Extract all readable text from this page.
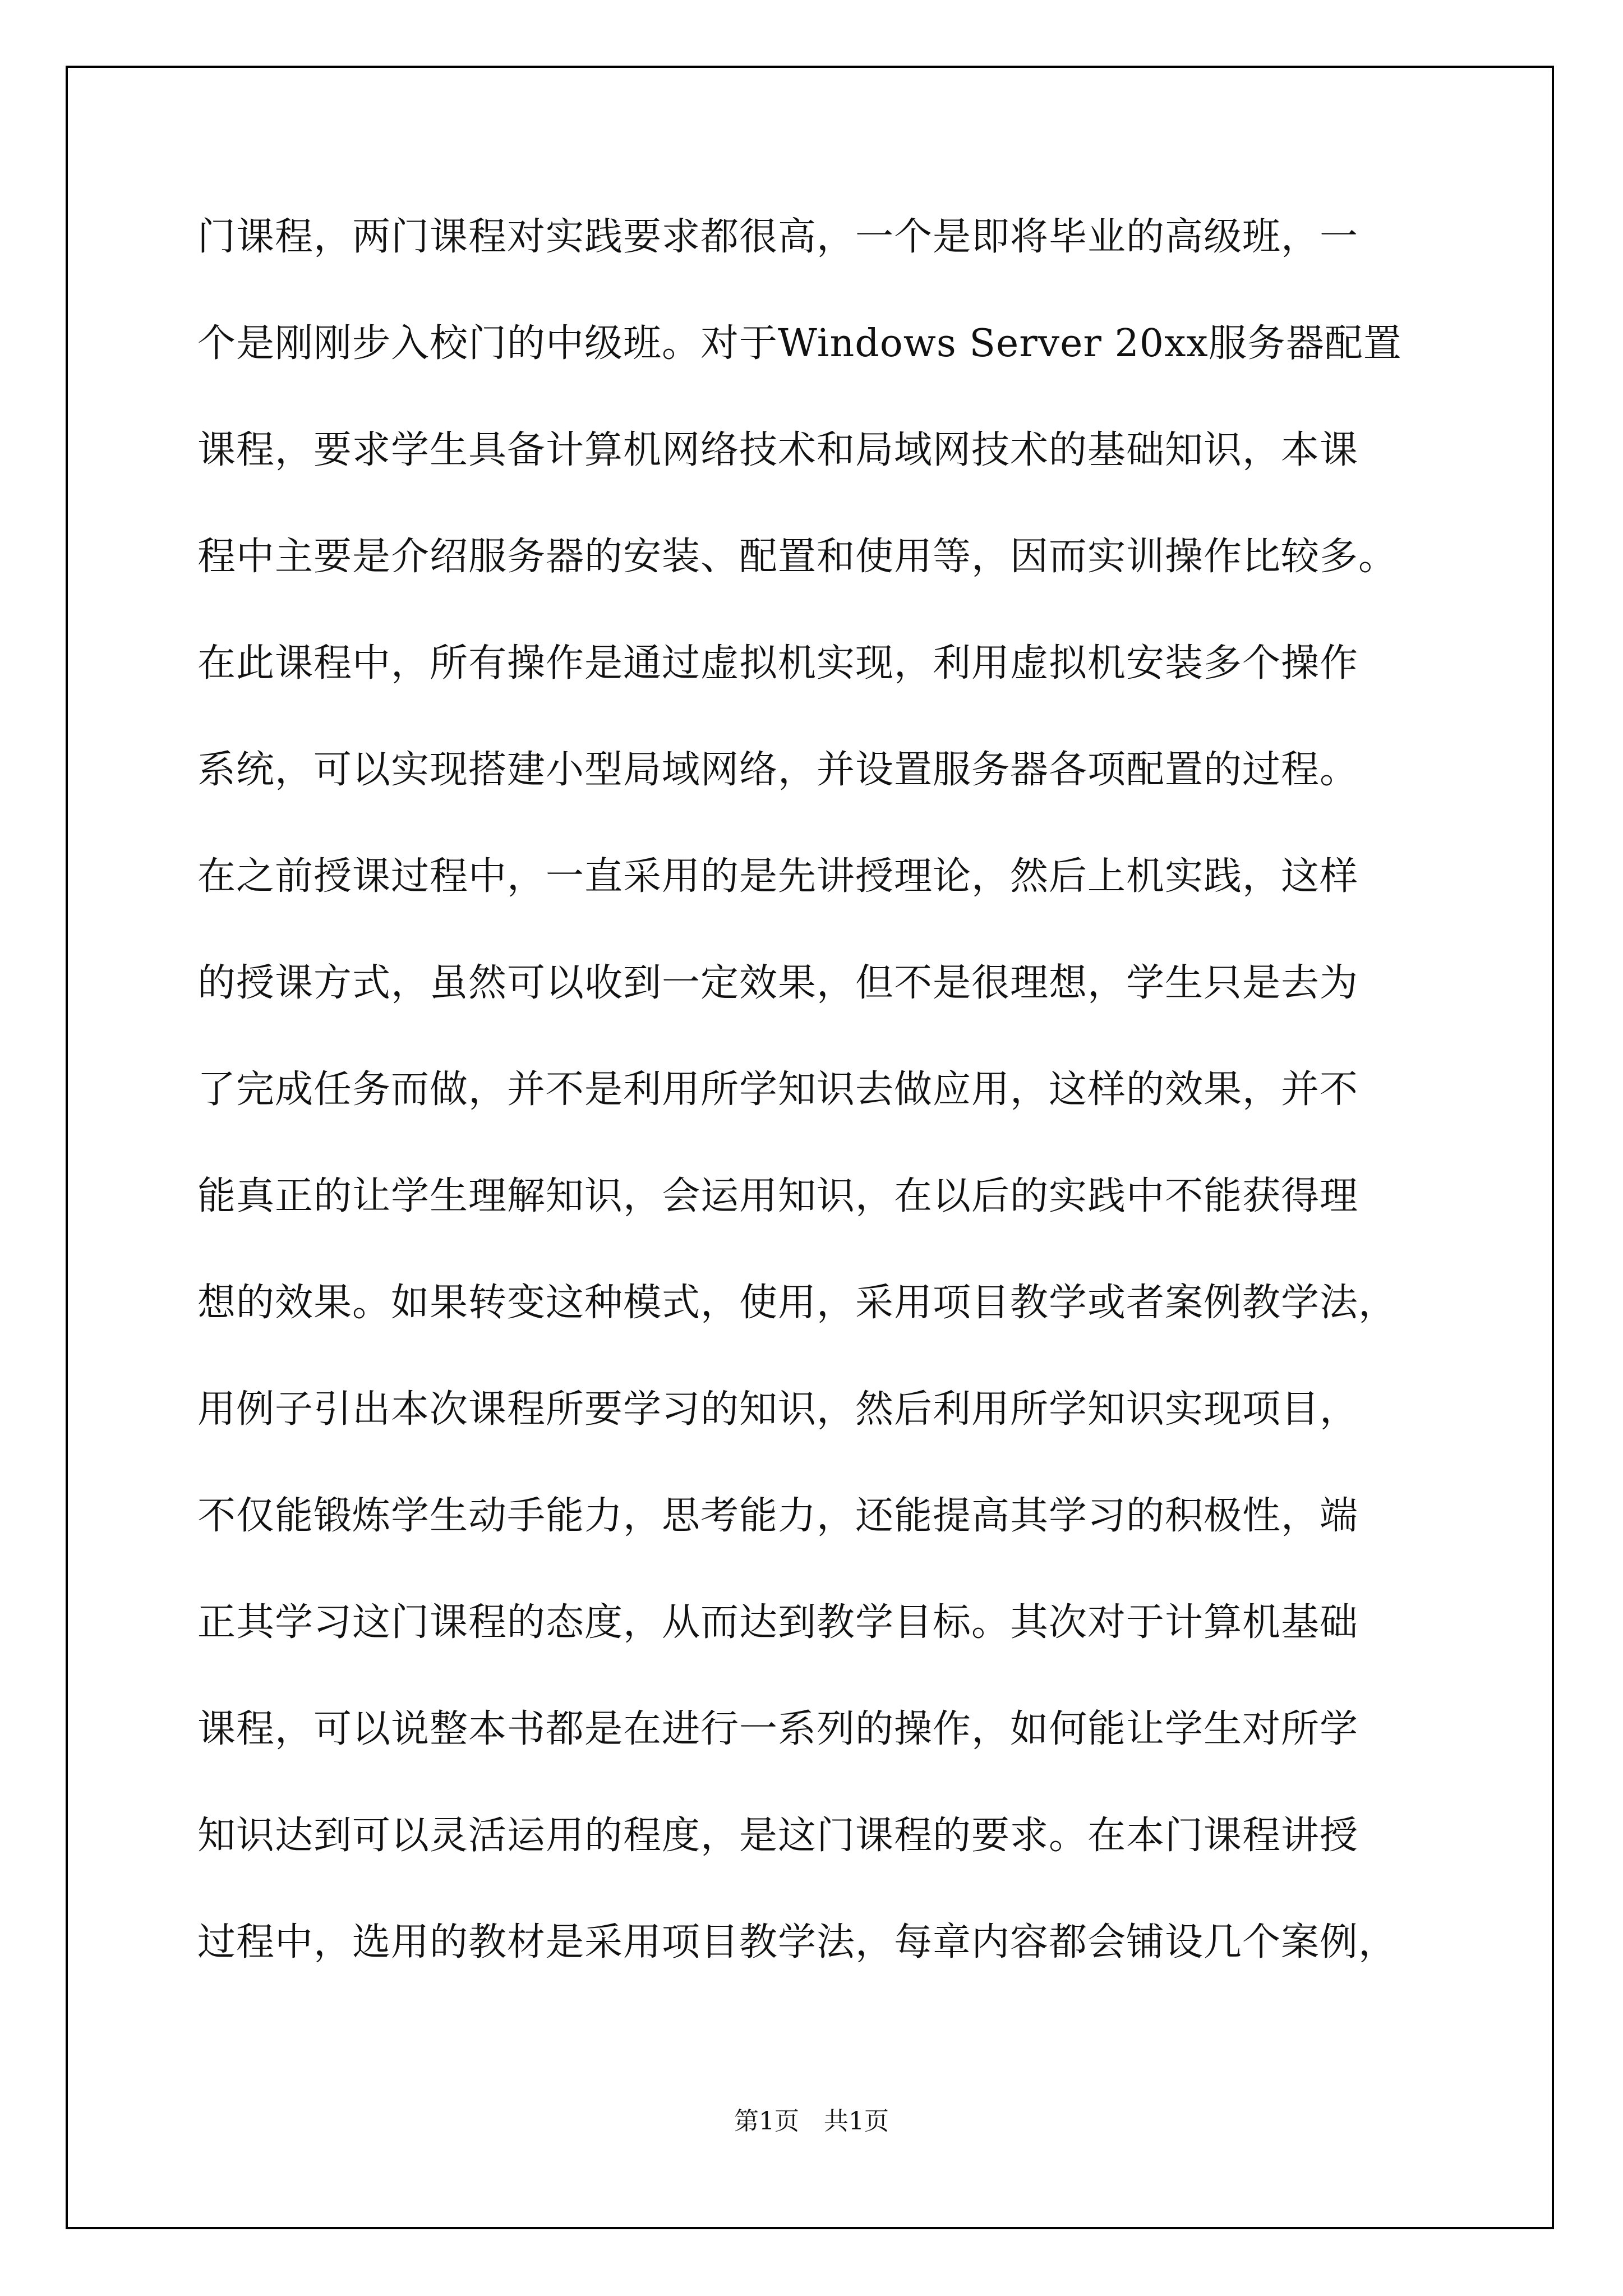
门课程，两门课程对实践要求都很高，一个是即将毕业的高级班，一
个是刚刚步入校门的中级班。对于Windows Server 20xx服务器配置
课程，要求学生具备计算机网络技术和局域网技术的基础知识，本课
程中主要是介绍服务器的安装、配置和使用等，因而实训操作比较多。
在此课程中，所有操作是通过虚拟机实现，利用虚拟机安装多个操作
系统，可以实现搭建小型局域网络，并设置服务器各项配置的过程。
在之前授课过程中，一直采用的是先讲授理论，然后上机实践，这样
的授课方式，虽然可以收到一定效果，但不是很理想，学生只是去为
了完成任务而做，并不是利用所学知识去做应用，这样的效果，并不
能真正的让学生理解知识，会运用知识，在以后的实践中不能获得理
想的效果。如果转变这种模式，使用，采用项目教学或者案例教学法，
用例子引出本次课程所要学习的知识，然后利用所学知识实现项目，
不仅能锻炼学生动手能力，思考能力，还能提高其学习的积极性，端
正其学习这门课程的态度，从而达到教学目标。其次对于计算机基础
课程，可以说整本书都是在进行一系列的操作，如何能让学生对所学
知识达到可以灵活运用的程度，是这门课程的要求。在本门课程讲授
过程中，选用的教材是采用项目教学法，每章内容都会铺设几个案例，
第1页　共1页
